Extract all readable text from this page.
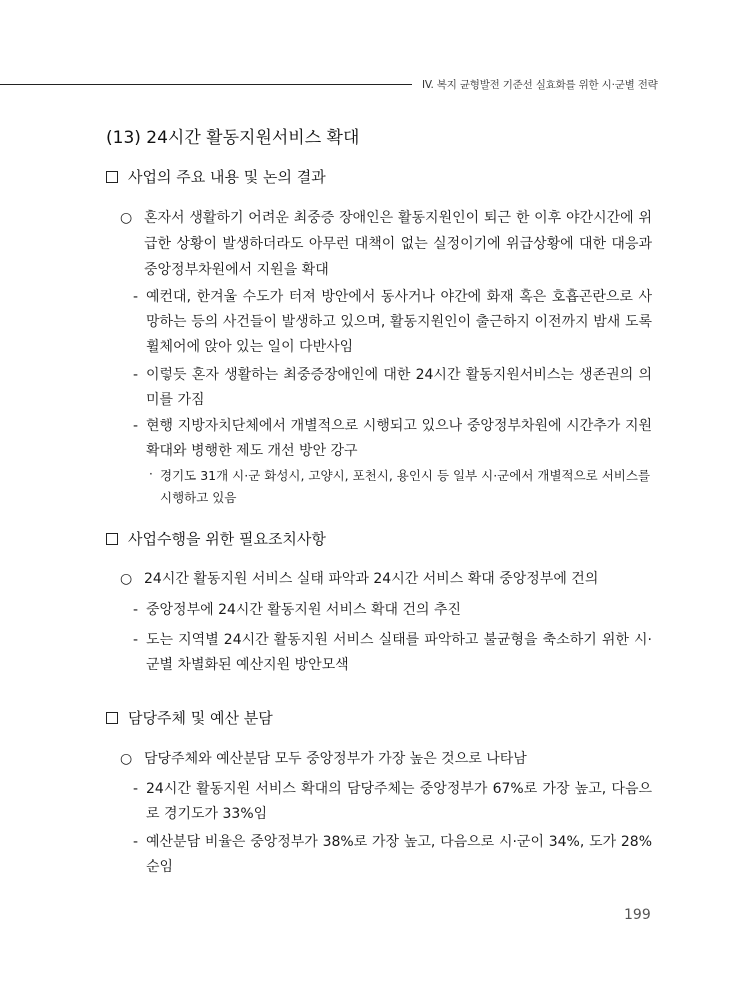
IV. 복지 균형발전 기준선 실효화를 위한 시·군별 전략
(13) 24시간 활동지원서비스 확대
사업의 주요 내용 및 논의 결과
○ 혼자서 생활하기 어려운 최중증 장애인은 활동지원인이 퇴근 한 이후 야간시간에 위급한 상황이 발생하더라도 아무런 대책이 없는 실정이기에 위급상황에 대한 대응과 중앙정부차원에서 지원을 확대
- 예컨대, 한겨울 수도가 터져 방안에서 동사거나 야간에 화재 혹은 호흡곤란으로 사망하는 등의 사건들이 발생하고 있으며, 활동지원인이 출근하지 이전까지 밤새 도록 휠체어에 앉아 있는 일이 다반사임
- 이렇듯 혼자 생활하는 최중증장애인에 대한 24시간 활동지원서비스는 생존권의 의미를 가짐
- 현행 지방자치단체에서 개별적으로 시행되고 있으나 중앙정부차원에 시간추가 지원 확대와 병행한 제도 개선 방안 강구
· 경기도 31개 시·군 화성시, 고양시, 포천시, 용인시 등 일부 시·군에서 개별적으로 서비스를 시행하고 있음
사업수행을 위한 필요조치사항
○ 24시간 활동지원 서비스 실태 파악과 24시간 서비스 확대 중앙정부에 건의
- 중앙정부에 24시간 활동지원 서비스 확대 건의 추진
- 도는 지역별 24시간 활동지원 서비스 실태를 파악하고 불균형을 축소하기 위한 시·군별 차별화된 예산지원 방안모색
담당주체 및 예산 분담
○ 담당주체와 예산분담 모두 중앙정부가 가장 높은 것으로 나타남
- 24시간 활동지원 서비스 확대의 담당주체는 중앙정부가 67%로 가장 높고, 다음으로 경기도가 33%임
- 예산분담 비율은 중앙정부가 38%로 가장 높고, 다음으로 시·군이 34%, 도가 28%순임
199
